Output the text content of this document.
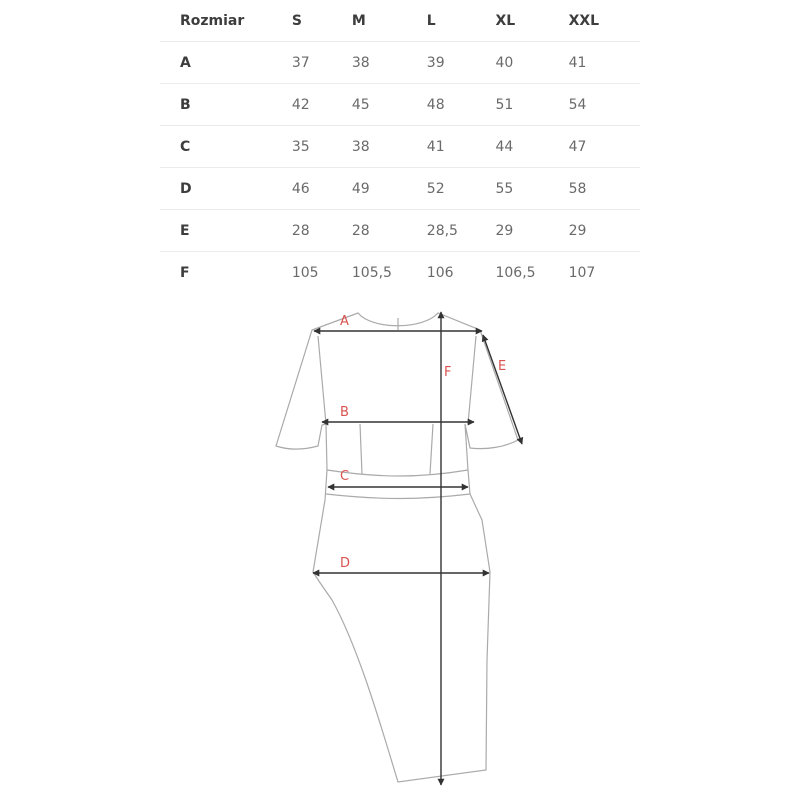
Rozmiar	S	M	L	XL	XXL
A	37	38	39	40	41
B	42	45	48	51	54
C	35	38	41	44	47
D	46	49	52	55	58
E	28	28	28,5	29	29
F	105	105,5	106	106,5	107
A
B
C
D
E
F
